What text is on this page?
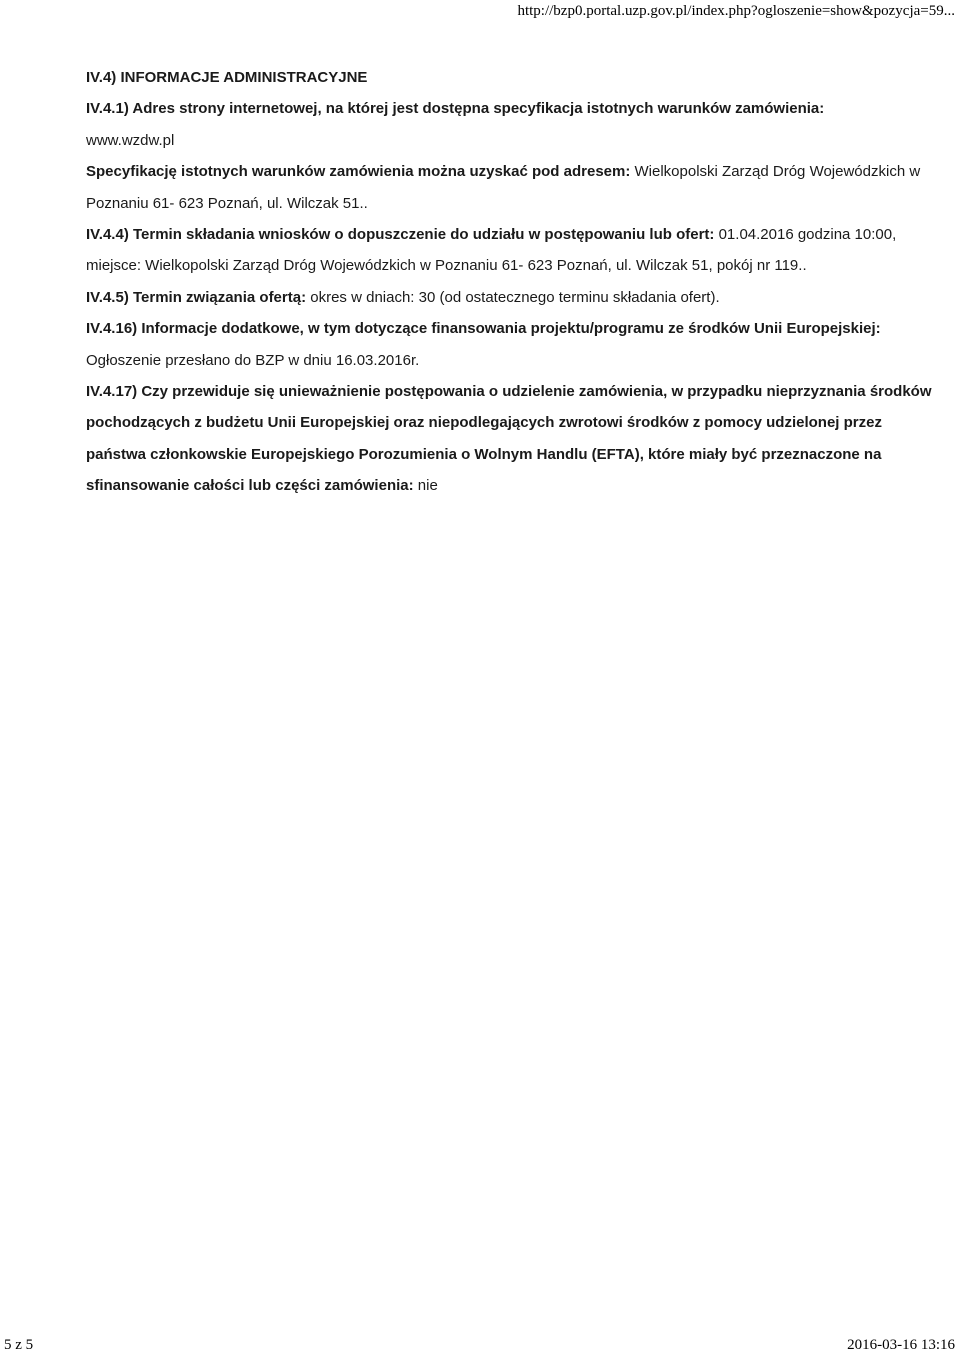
http://bzp0.portal.uzp.gov.pl/index.php?ogloszenie=show&pozycja=59...

IV.4) INFORMACJE ADMINISTRACYJNE

IV.4.1) Adres strony internetowej, na której jest dostępna specyfikacja istotnych warunków zamówienia:

www.wzdw.pl

Specyfikację istotnych warunków zamówienia można uzyskać pod adresem: Wielkopolski Zarząd Dróg Wojewódzkich w Poznaniu 61- 623 Poznań, ul. Wilczak 51..

IV.4.4) Termin składania wniosków o dopuszczenie do udziału w postępowaniu lub ofert: 01.04.2016 godzina 10:00, miejsce: Wielkopolski Zarząd Dróg Wojewódzkich w Poznaniu 61- 623 Poznań, ul. Wilczak 51, pokój nr 119..

IV.4.5) Termin związania ofertą: okres w dniach: 30 (od ostatecznego terminu składania ofert).

IV.4.16) Informacje dodatkowe, w tym dotyczące finansowania projektu/programu ze środków Unii Europejskiej: Ogłoszenie przesłano do BZP w dniu 16.03.2016r.

IV.4.17) Czy przewiduje się unieważnienie postępowania o udzielenie zamówienia, w przypadku nieprzyznania środków pochodzących z budżetu Unii Europejskiej oraz niepodlegających zwrotowi środków z pomocy udzielonej przez państwa członkowskie Europejskiego Porozumienia o Wolnym Handlu (EFTA), które miały być przeznaczone na sfinansowanie całości lub części zamówienia: nie

5 z 5	2016-03-16 13:16
